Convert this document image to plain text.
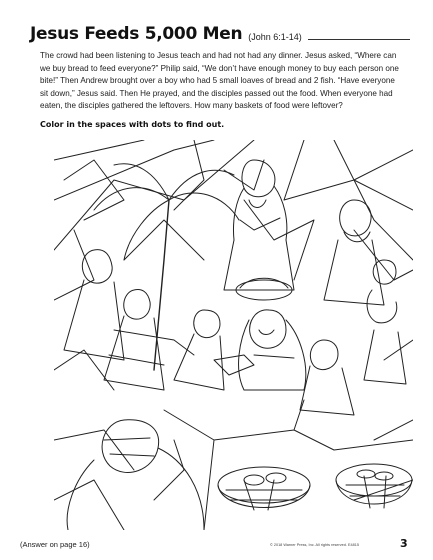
Jesus Feeds 5,000 Men (John 6:1-14)

The crowd had been listening to Jesus teach and had not had any dinner. Jesus asked, “Where can we buy bread to feed everyone?” Philip said, “We don’t have enough money to buy each person one bite!” Then Andrew brought over a boy who had 5 small loaves of bread and 2 fish. “Have everyone sit down,” Jesus said. Then He prayed, and the disciples passed out the food. When everyone had eaten, the disciples gathered the leftovers. How many baskets of food were leftover?

Color in the spaces with dots to find out.
(Answer on page 16)	© 2018 Warner Press, Inc. All rights reserved. E4815	3
